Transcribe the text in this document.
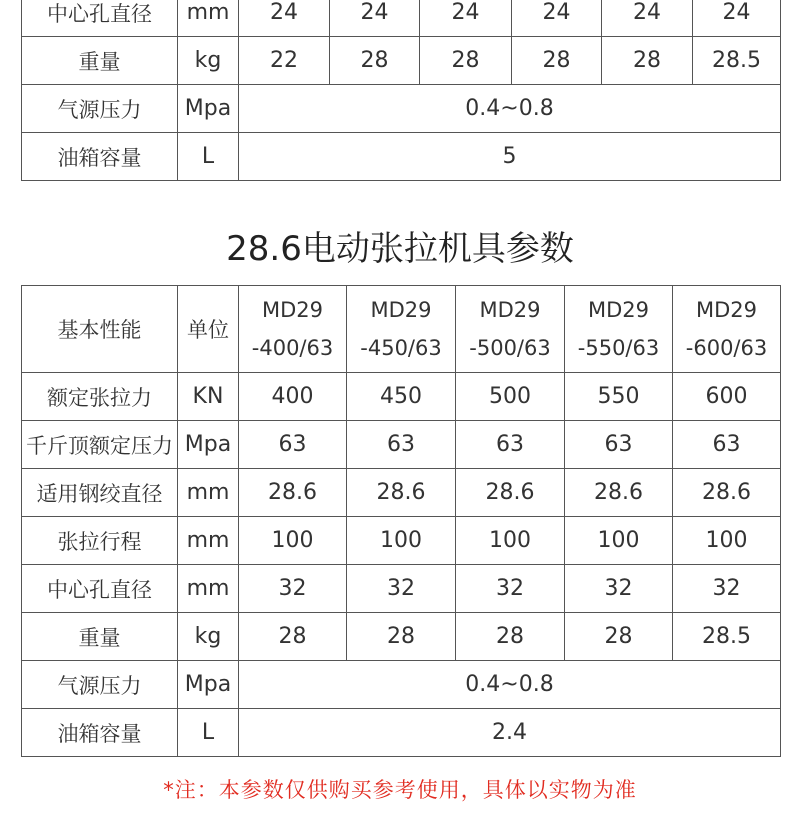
中心孔直径	mm	24	24	24	24	24	24
重量	kg	22	28	28	28	28	28.5
气源压力	Mpa	0.4~0.8					
油箱容量	L	5					
28.6电动张拉机具参数
基本性能	单位	MD29 -400/63	MD29 -450/63	MD29 -500/63	MD29 -550/63	MD29 -600/63
额定张拉力	KN	400	450	500	550	600
千斤顶额定压力	Mpa	63	63	63	63	63
适用钢绞直径	mm	28.6	28.6	28.6	28.6	28.6
张拉行程	mm	100	100	100	100	100
中心孔直径	mm	32	32	32	32	32
重量	kg	28	28	28	28	28.5
气源压力	Mpa	0.4~0.8				
油箱容量	L	2.4				

*注：本参数仅供购买参考使用，具体以实物为准
